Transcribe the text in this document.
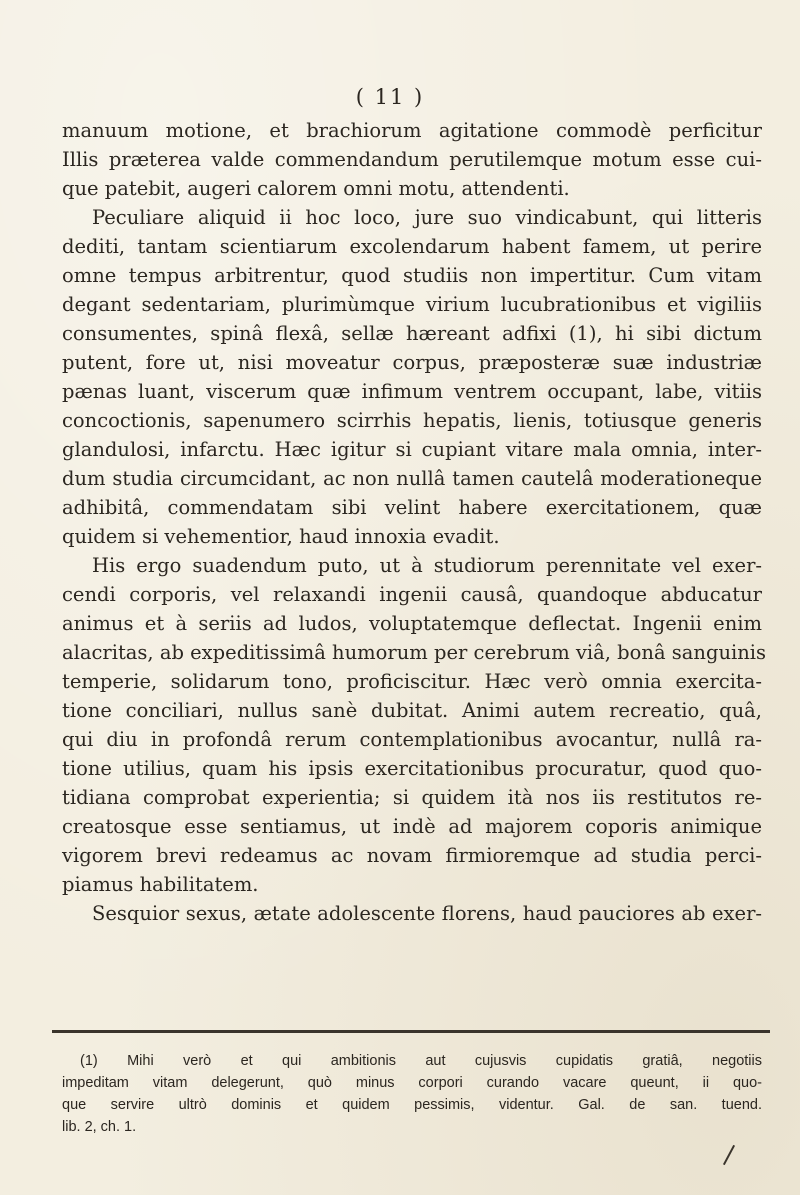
( 11 )
manuum motione, et brachiorum agitatione commodè perficitur
Illis præterea valde commendandum perutilemque motum esse cui-
que patebit, augeri calorem omni motu, attendenti.
Peculiare aliquid ii hoc loco, jure suo vindicabunt, qui litteris
dediti, tantam scientiarum excolendarum habent famem, ut perire
omne tempus arbitrentur, quod studiis non impertitur. Cum vitam
degant sedentariam, plurimùmque virium lucubrationibus et vigiliis
consumentes, spinâ flexâ, sellæ hæreant adfixi (1), hi sibi dictum
putent, fore ut, nisi moveatur corpus, præposteræ suæ industriæ
pænas luant, viscerum quæ infimum ventrem occupant, labe, vitiis
concoctionis, sapenumero scirrhis hepatis, lienis, totiusque generis
glandulosi, infarctu. Hæc igitur si cupiant vitare mala omnia, inter-
dum studia circumcidant, ac non nullâ tamen cautelâ moderationeque
adhibitâ, commendatam sibi velint habere exercitationem, quæ
quidem si vehementior, haud innoxia evadit.
His ergo suadendum puto, ut à studiorum perennitate vel exer-
cendi corporis, vel relaxandi ingenii causâ, quandoque abducatur
animus et à seriis ad ludos, voluptatemque deflectat. Ingenii enim
alacritas, ab expeditissimâ humorum per cerebrum viâ, bonâ sanguinis
temperie, solidarum tono, proficiscitur. Hæc verò omnia exercita-
tione conciliari, nullus sanè dubitat. Animi autem recreatio, quâ,
qui diu in profondâ rerum contemplationibus avocantur, nullâ ra-
tione utilius, quam his ipsis exercitationibus procuratur, quod quo-
tidiana comprobat experientia; si quidem ità nos iis restitutos re-
creatosque esse sentiamus, ut indè ad majorem coporis animique
vigorem brevi redeamus ac novam firmioremque ad studia perci-
piamus habilitatem.
Sesquior sexus, ætate adolescente florens, haud pauciores ab exer-
(1) Mihi verò et qui ambitionis aut cujusvis cupidatis gratiâ, negotiis
impeditam vitam delegerunt, quò minus corpori curando vacare queunt, ii quo-
que servire ultrò dominis et quidem pessimis, videntur. Gal. de san. tuend.
lib. 2, ch. 1.
